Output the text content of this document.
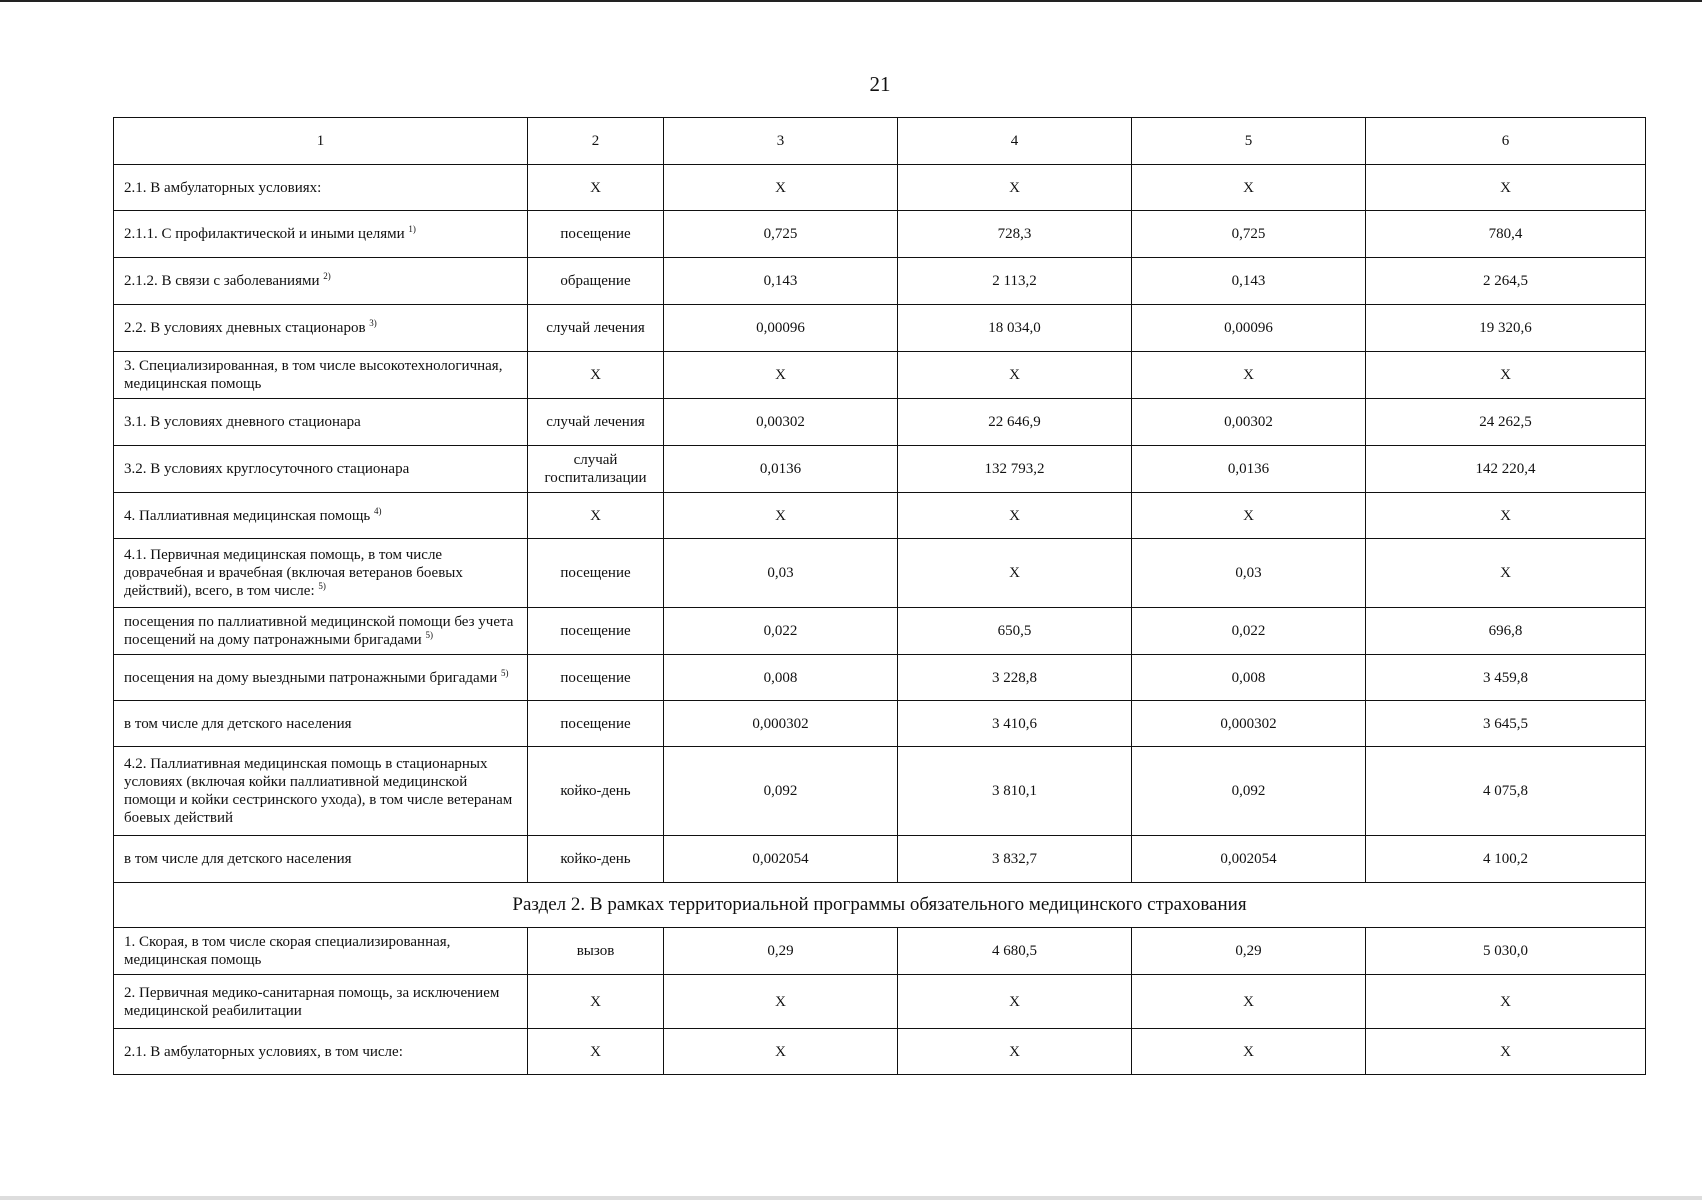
21
1	2	3	4	5	6
2.1. В амбулаторных условиях:	Х	Х	Х	Х	Х
2.1.1. С профилактической и иными целями $^{1)}$	посещение	0,725	728,3	0,725	780,4
2.1.2. В связи с заболеваниями $^{2)}$	обращение	0,143	2 113,2	0,143	2 264,5
2.2. В условиях дневных стационаров $^{3)}$	случай лечения	0,00096	18 034,0	0,00096	19 320,6
3. Специализированная, в том числе высокотехнологичная, медицинская помощь	Х	Х	Х	Х	Х
3.1. В условиях дневного стационара	случай лечения	0,00302	22 646,9	0,00302	24 262,5
3.2. В условиях круглосуточного стационара	случай госпитализации	0,0136	132 793,2	0,0136	142 220,4
4. Паллиативная медицинская помощь $^{4)}$	Х	Х	Х	Х	Х
4.1. Первичная медицинская помощь, в том числе доврачебная и врачебная (включая ветеранов боевых действий), всего, в том числе: $^{5)}$	посещение	0,03	Х	0,03	Х
посещения по паллиативной медицинской помощи без учета посещений на дому патронажными бригадами $^{5)}$	посещение	0,022	650,5	0,022	696,8
посещения на дому выездными патронажными бригадами $^{5)}$	посещение	0,008	3 228,8	0,008	3 459,8
в том числе для детского населения	посещение	0,000302	3 410,6	0,000302	3 645,5
4.2. Паллиативная медицинская помощь в стационарных условиях (включая койки паллиативной медицинской помощи и койки сестринского ухода), в том числе ветеранам боевых действий	койко-день	0,092	3 810,1	0,092	4 075,8
в том числе для детского населения	койко-день	0,002054	3 832,7	0,002054	4 100,2
Раздел 2. В рамках территориальной программы обязательного медицинского страхования					
1. Скорая, в том числе скорая специализированная, медицинская помощь	вызов	0,29	4 680,5	0,29	5 030,0
2. Первичная медико-санитарная помощь, за исключением медицинской реабилитации	Х	Х	Х	Х	Х
2.1. В амбулаторных условиях, в том числе:	Х	Х	Х	Х	Х
